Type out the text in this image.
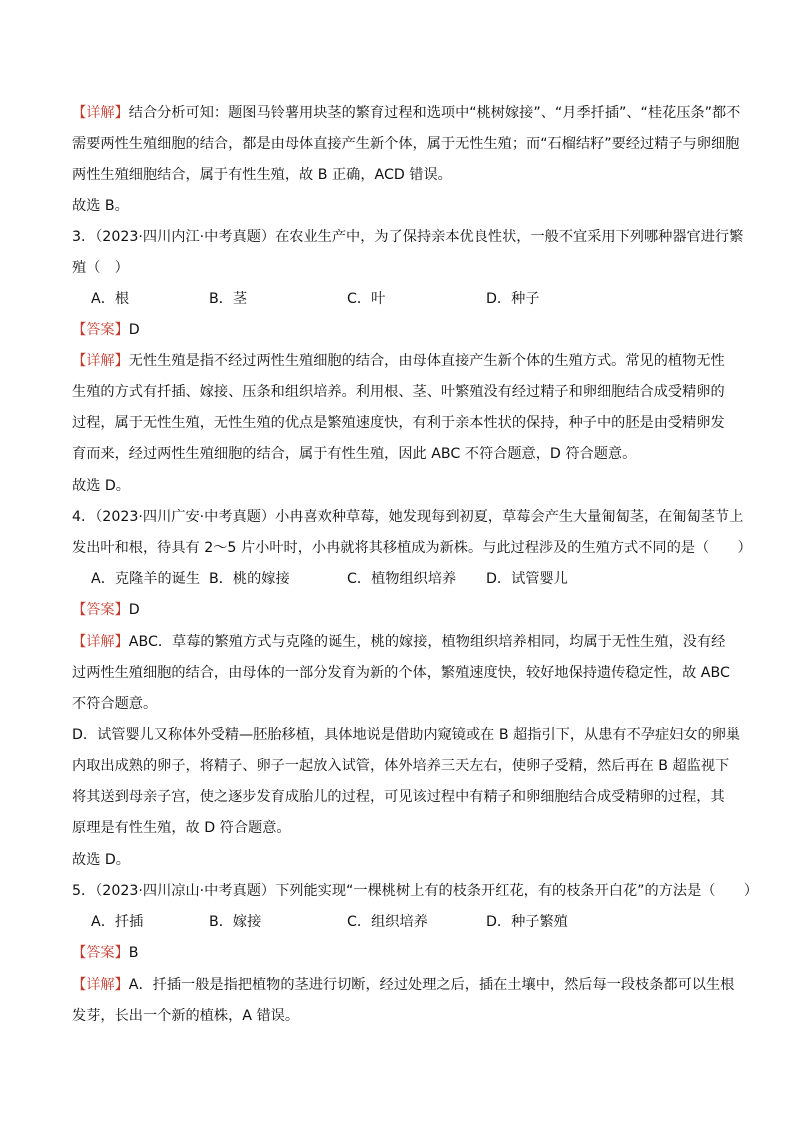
【详解】结合分析可知：题图马铃薯用块茎的繁育过程和选项中“桃树嫁接”、“月季扦插”、“桂花压条”都不
需要两性生殖细胞的结合，都是由母体直接产生新个体，属于无性生殖；而“石榴结籽”要经过精子与卵细胞
两性生殖细胞结合，属于有性生殖，故 B 正确，ACD 错误。
故选 B。
3．（2023·四川内江·中考真题）在农业生产中，为了保持亲本优良性状，一般不宜采用下列哪种器官进行繁
殖（　）
A．根	B．茎	C．叶	D．种子
【答案】D
【详解】无性生殖是指不经过两性生殖细胞的结合，由母体直接产生新个体的生殖方式。常见的植物无性
生殖的方式有扦插、嫁接、压条和组织培养。利用根、茎、叶繁殖没有经过精子和卵细胞结合成受精卵的
过程，属于无性生殖，无性生殖的优点是繁殖速度快，有利于亲本性状的保持，种子中的胚是由受精卵发
育而来，经过两性生殖细胞的结合，属于有性生殖，因此 ABC 不符合题意，D 符合题意。
故选 D。
4．（2023·四川广安·中考真题）小冉喜欢种草莓，她发现每到初夏，草莓会产生大量匍匐茎，在匍匐茎节上
发出叶和根，待具有 2～5 片小叶时，小冉就将其移植成为新株。与此过程涉及的生殖方式不同的是（　　）
A．克隆羊的诞生 B．桃的嫁接	C．植物组织培养 D．试管婴儿
【答案】D
【详解】ABC．草莓的繁殖方式与克隆的诞生，桃的嫁接，植物组织培养相同，均属于无性生殖，没有经
过两性生殖细胞的结合，由母体的一部分发育为新的个体，繁殖速度快，较好地保持遗传稳定性，故 ABC
不符合题意。
D．试管婴儿又称体外受精—胚胎移植，具体地说是借助内窥镜或在 B 超指引下，从患有不孕症妇女的卵巢
内取出成熟的卵子，将精子、卵子一起放入试管，体外培养三天左右，使卵子受精，然后再在 B 超监视下
将其送到母亲子宫，使之逐步发育成胎儿的过程，可见该过程中有精子和卵细胞结合成受精卵的过程，其
原理是有性生殖，故 D 符合题意。
故选 D。
5．（2023·四川凉山·中考真题）下列能实现“一棵桃树上有的枝条开红花，有的枝条开白花”的方法是（　　）
A．扦插	B．嫁接	C．组织培养	D．种子繁殖
【答案】B
【详解】A．扦插一般是指把植物的茎进行切断，经过处理之后，插在土壤中，然后每一段枝条都可以生根
发芽，长出一个新的植株，A 错误。
